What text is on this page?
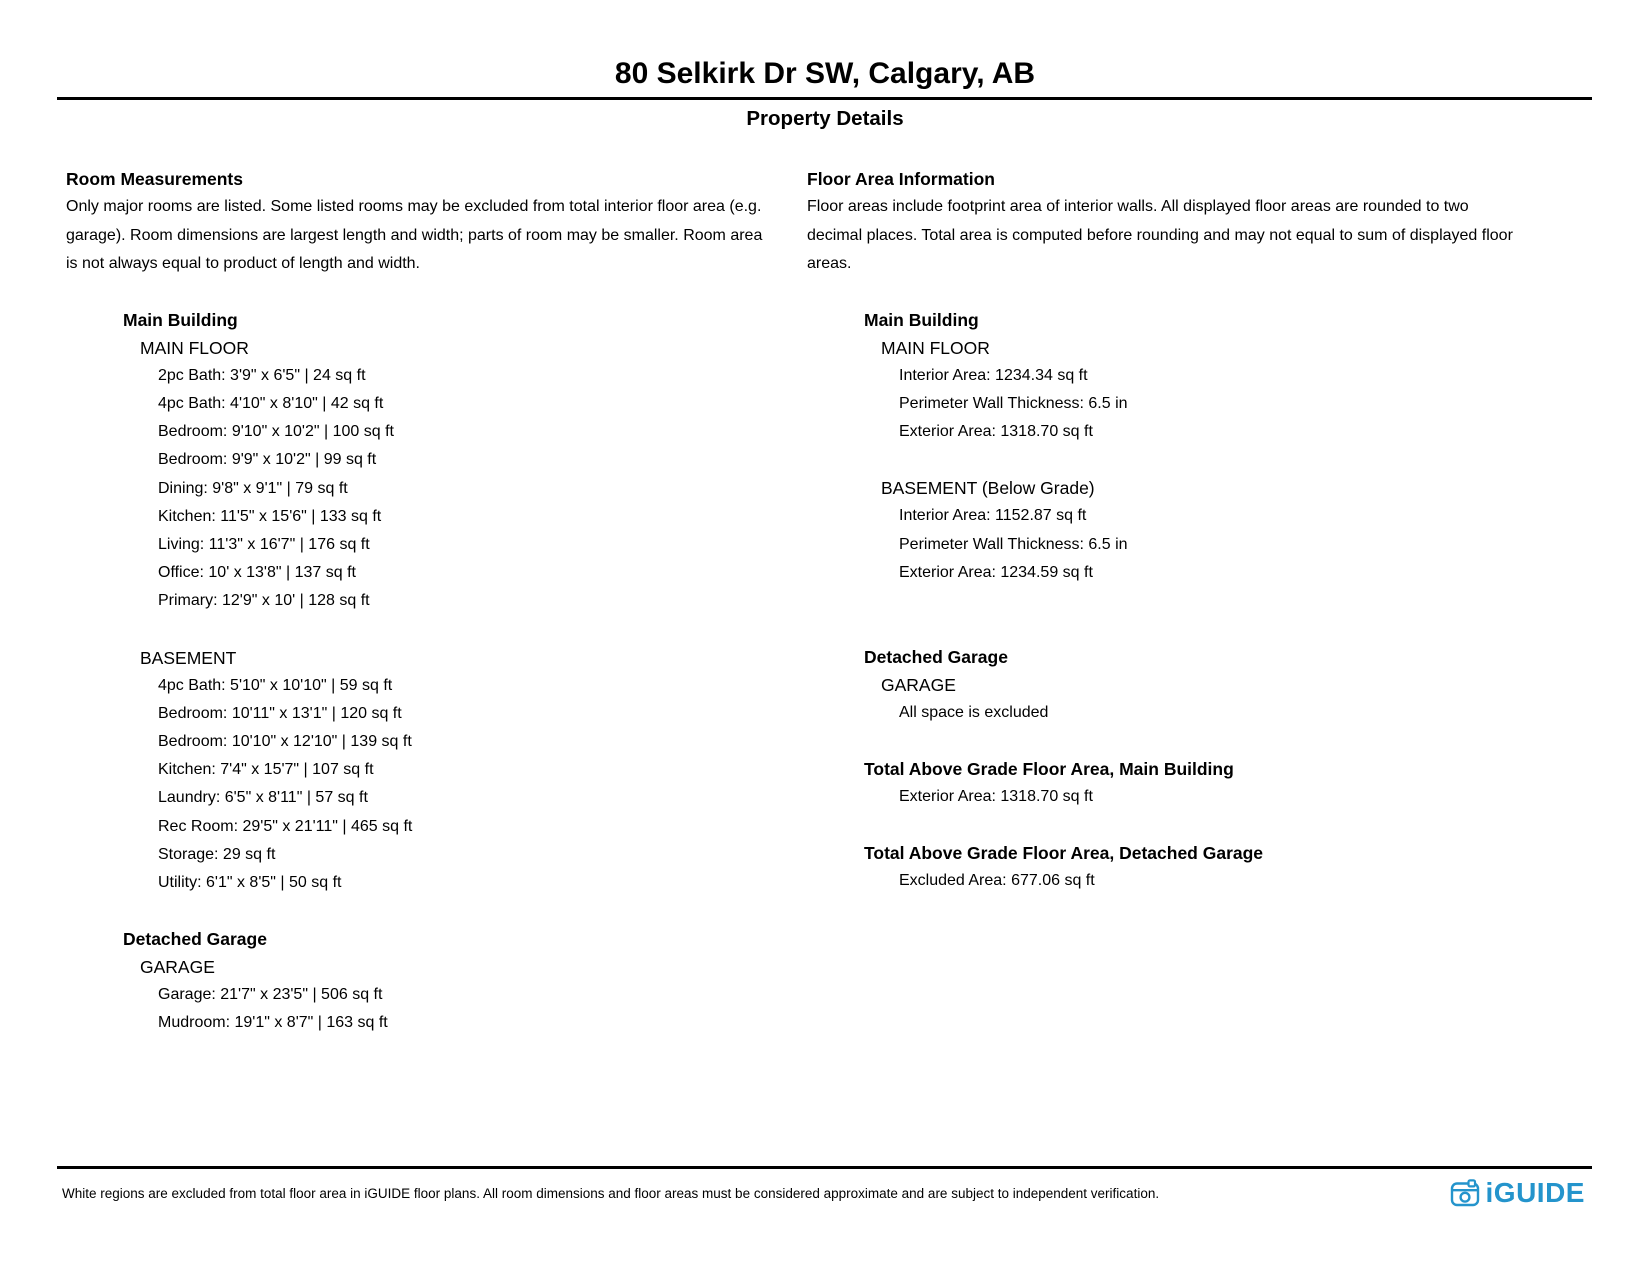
80 Selkirk Dr SW, Calgary, AB
Property Details
Room Measurements

Only major rooms are listed. Some listed rooms may be excluded from total interior floor area (e.g. garage). Room dimensions are largest length and width; parts of room may be smaller. Room area is not always equal to product of length and width.

Main Building
MAIN FLOOR
2pc Bath: 3'9" x 6'5" | 24 sq ft
4pc Bath: 4'10" x 8'10" | 42 sq ft
Bedroom: 9'10" x 10'2" | 100 sq ft
Bedroom: 9'9" x 10'2" | 99 sq ft
Dining: 9'8" x 9'1" | 79 sq ft
Kitchen: 11'5" x 15'6" | 133 sq ft
Living: 11'3" x 16'7" | 176 sq ft
Office: 10' x 13'8" | 137 sq ft
Primary: 12'9" x 10' | 128 sq ft
BASEMENT
4pc Bath: 5'10" x 10'10" | 59 sq ft
Bedroom: 10'11" x 13'1" | 120 sq ft
Bedroom: 10'10" x 12'10" | 139 sq ft
Kitchen: 7'4" x 15'7" | 107 sq ft
Laundry: 6'5" x 8'11" | 57 sq ft
Rec Room: 29'5" x 21'11" | 465 sq ft
Storage: 29 sq ft
Utility: 6'1" x 8'5" | 50 sq ft
Detached Garage
GARAGE
Garage: 21'7" x 23'5" | 506 sq ft
Mudroom: 19'1" x 8'7" | 163 sq ft
Floor Area Information

Floor areas include footprint area of interior walls. All displayed floor areas are rounded to two decimal places. Total area is computed before rounding and may not equal to sum of displayed floor areas.

Main Building
MAIN FLOOR
Interior Area: 1234.34 sq ft
Perimeter Wall Thickness: 6.5 in
Exterior Area: 1318.70 sq ft
BASEMENT (Below Grade)
Interior Area: 1152.87 sq ft
Perimeter Wall Thickness: 6.5 in
Exterior Area: 1234.59 sq ft
Detached Garage
GARAGE
All space is excluded
Total Above Grade Floor Area, Main Building
Exterior Area: 1318.70 sq ft
Total Above Grade Floor Area, Detached Garage
Excluded Area: 677.06 sq ft

White regions are excluded from total floor area in iGUIDE floor plans. All room dimensions and floor areas must be considered approximate and are subject to independent verification.	iGUIDE
